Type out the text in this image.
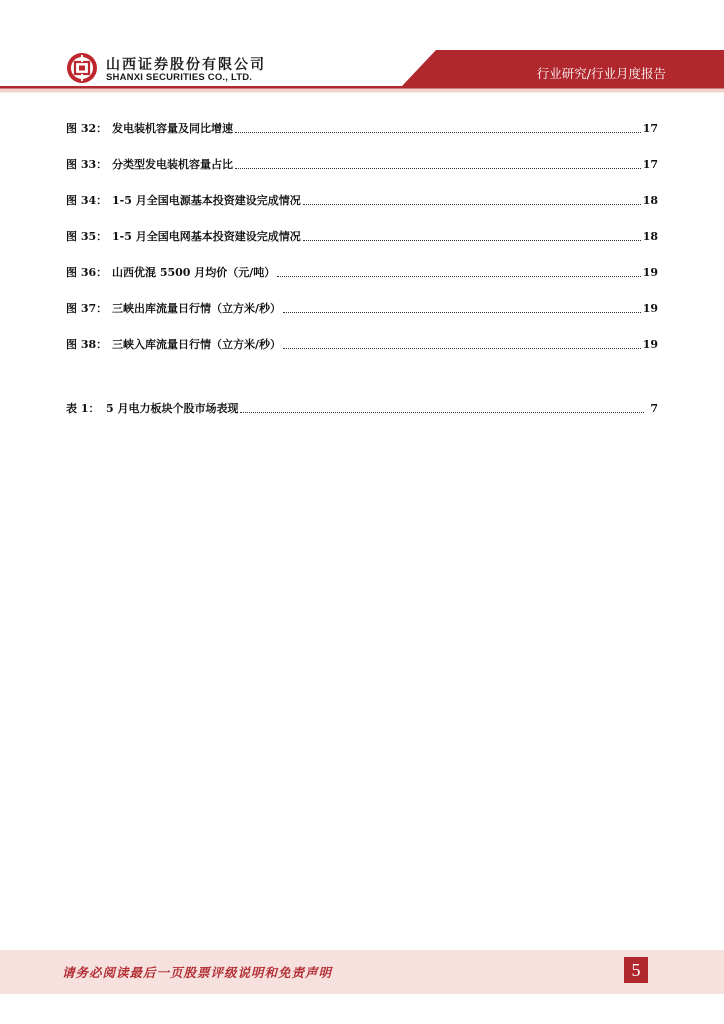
山西证券股份有限公司
SHANXI SECURITIES CO., LTD.	行业研究/行业月度报告
图 32： 发电装机容量及同比增速	17
图 33： 分类型发电装机容量占比	17
图 34： 1-5 月全国电源基本投资建设完成情况	18
图 35： 1-5 月全国电网基本投资建设完成情况	18
图 36： 山西优混 5500 月均价（元/吨）	19
图 37： 三峡出库流量日行情（立方米/秒）	19
图 38： 三峡入库流量日行情（立方米/秒）	19
表 1： 5 月电力板块个股市场表现	7
请务必阅读最后一页股票评级说明和免责声明	5
